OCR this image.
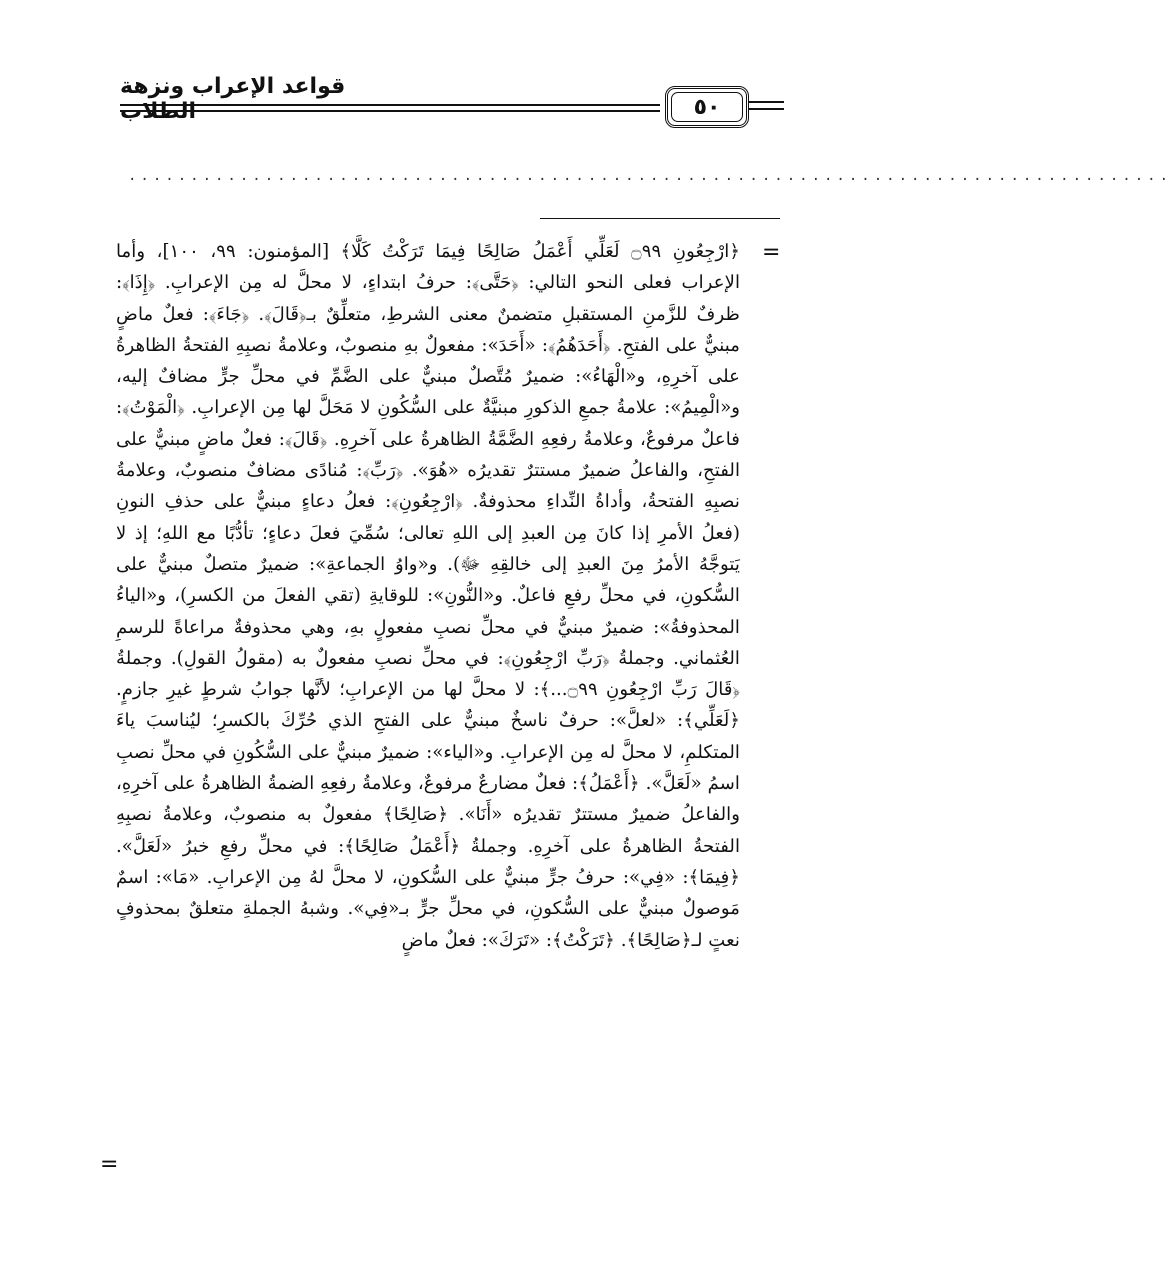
قواعد الإعراب ونزهة الطلاب	٥٠
....................................................................................
=
﴿ارْجِعُونِ ۝٩٩ لَعَلِّي أَعْمَلُ صَالِحًا فِيمَا تَرَكْتُ كَلَّا﴾ [المؤمنون: ٩٩، ١٠٠]، وأما الإعراب فعلى النحو التالي: ﴿حَتَّى﴾: حرفُ ابتداءٍ، لا محلَّ له مِن الإعرابِ. ﴿إِذَا﴾: ظرفٌ للزَّمنِ المستقبلِ متضمنٌ معنى الشرطِ، متعلِّقٌ بـ﴿قَالَ﴾. ﴿جَاءَ﴾: فعلٌ ماضٍ مبنيٌّ على الفتحِ. ﴿أَحَدَهُمُ﴾: «أَحَدَ»: مفعولٌ بهِ منصوبٌ، وعلامةُ نصبِهِ الفتحةُ الظاهرةُ على آخرِهِ، و«الْهَاءُ»: ضميرٌ مُتَّصلٌ مبنيٌّ على الضَّمِّ في محلِّ جرٍّ مضافٌ إليه، و«الْمِيمُ»: علامةُ جمعِ الذكورِ مبنيَّةٌ على السُّكُونِ لا مَحَلَّ لها مِن الإعرابِ. ﴿الْمَوْتُ﴾: فاعلٌ مرفوعٌ، وعلامةُ رفعِهِ الضَّمَّةُ الظاهرةُ على آخرِهِ. ﴿قَالَ﴾: فعلٌ ماضٍ مبنيٌّ على الفتحِ، والفاعلُ ضميرٌ مستترٌ تقديرُه «هُوَ». ﴿رَبِّ﴾: مُنادًى مضافٌ منصوبٌ، وعلامةُ نصبِهِ الفتحةُ، وأداةُ النِّداءِ محذوفةٌ. ﴿ارْجِعُونِ﴾: فعلُ دعاءٍ مبنيٌّ على حذفِ النونِ (فعلُ الأمرِ إذا كانَ مِن العبدِ إلى اللهِ تعالى؛ سُمِّيَ فعلَ دعاءٍ؛ تأدُّبًا مع اللهِ؛ إذ لا يَتوجَّهُ الأمرُ مِنَ العبدِ إلى خالقِهِ ﷻ). و«واوُ الجماعةِ»: ضميرٌ متصلٌ مبنيٌّ على السُّكونِ، في محلِّ رفعِ فاعلٌ. و«النُّونِ»: للوقايةِ (تقي الفعلَ من الكسرِ)، و«الياءُ المحذوفةُ»: ضميرٌ مبنيٌّ في محلِّ نصبِ مفعولٍ بهِ، وهي محذوفةٌ مراعاةً للرسمِ العُثماني. وجملةُ ﴿رَبِّ ارْجِعُونِ﴾: في محلِّ نصبِ مفعولٌ به (مقولُ القولِ). وجملةُ ﴿قَالَ رَبِّ ارْجِعُونِ ۝٩٩...﴾: لا محلَّ لها من الإعرابِ؛ لأنَّها جوابُ شرطٍ غيرِ جازمٍ. ﴿لَعَلِّي﴾: «لعلَّ»: حرفٌ ناسخٌ مبنيٌّ على الفتحِ الذي حُرِّكَ بالكسرِ؛ ليُناسبَ ياءَ المتكلمِ، لا محلَّ له مِن الإعرابِ. و«الياء»: ضميرٌ مبنيٌّ على السُّكُونِ في محلِّ نصبِ اسمُ «لَعَلَّ». ﴿أَعْمَلُ﴾: فعلٌ مضارعٌ مرفوعٌ، وعلامةُ رفعِهِ الضمةُ الظاهرةُ على آخرِهِ، والفاعلُ ضميرٌ مستترٌ تقديرُه «أَنَا». ﴿صَالِحًا﴾ مفعولٌ به منصوبٌ، وعلامةُ نصبِهِ الفتحةُ الظاهرةُ على آخرِهِ. وجملةُ ﴿أَعْمَلُ صَالِحًا﴾: في محلِّ رفعِ خبرُ «لَعَلَّ». ﴿فِيمَا﴾: «فِي»: حرفُ جرٍّ مبنيٌّ على السُّكونِ، لا محلَّ لهُ مِن الإعرابِ. «مَا»: اسمٌ مَوصولٌ مبنيٌّ على السُّكونِ، في محلِّ جرٍّ بـ«فِي». وشبهُ الجملةِ متعلقٌ بمحذوفٍ نعتٍ لـ﴿صَالِحًا﴾. ﴿تَرَكْتُ﴾: «تَرَكَ»: فعلٌ ماضٍ
=
